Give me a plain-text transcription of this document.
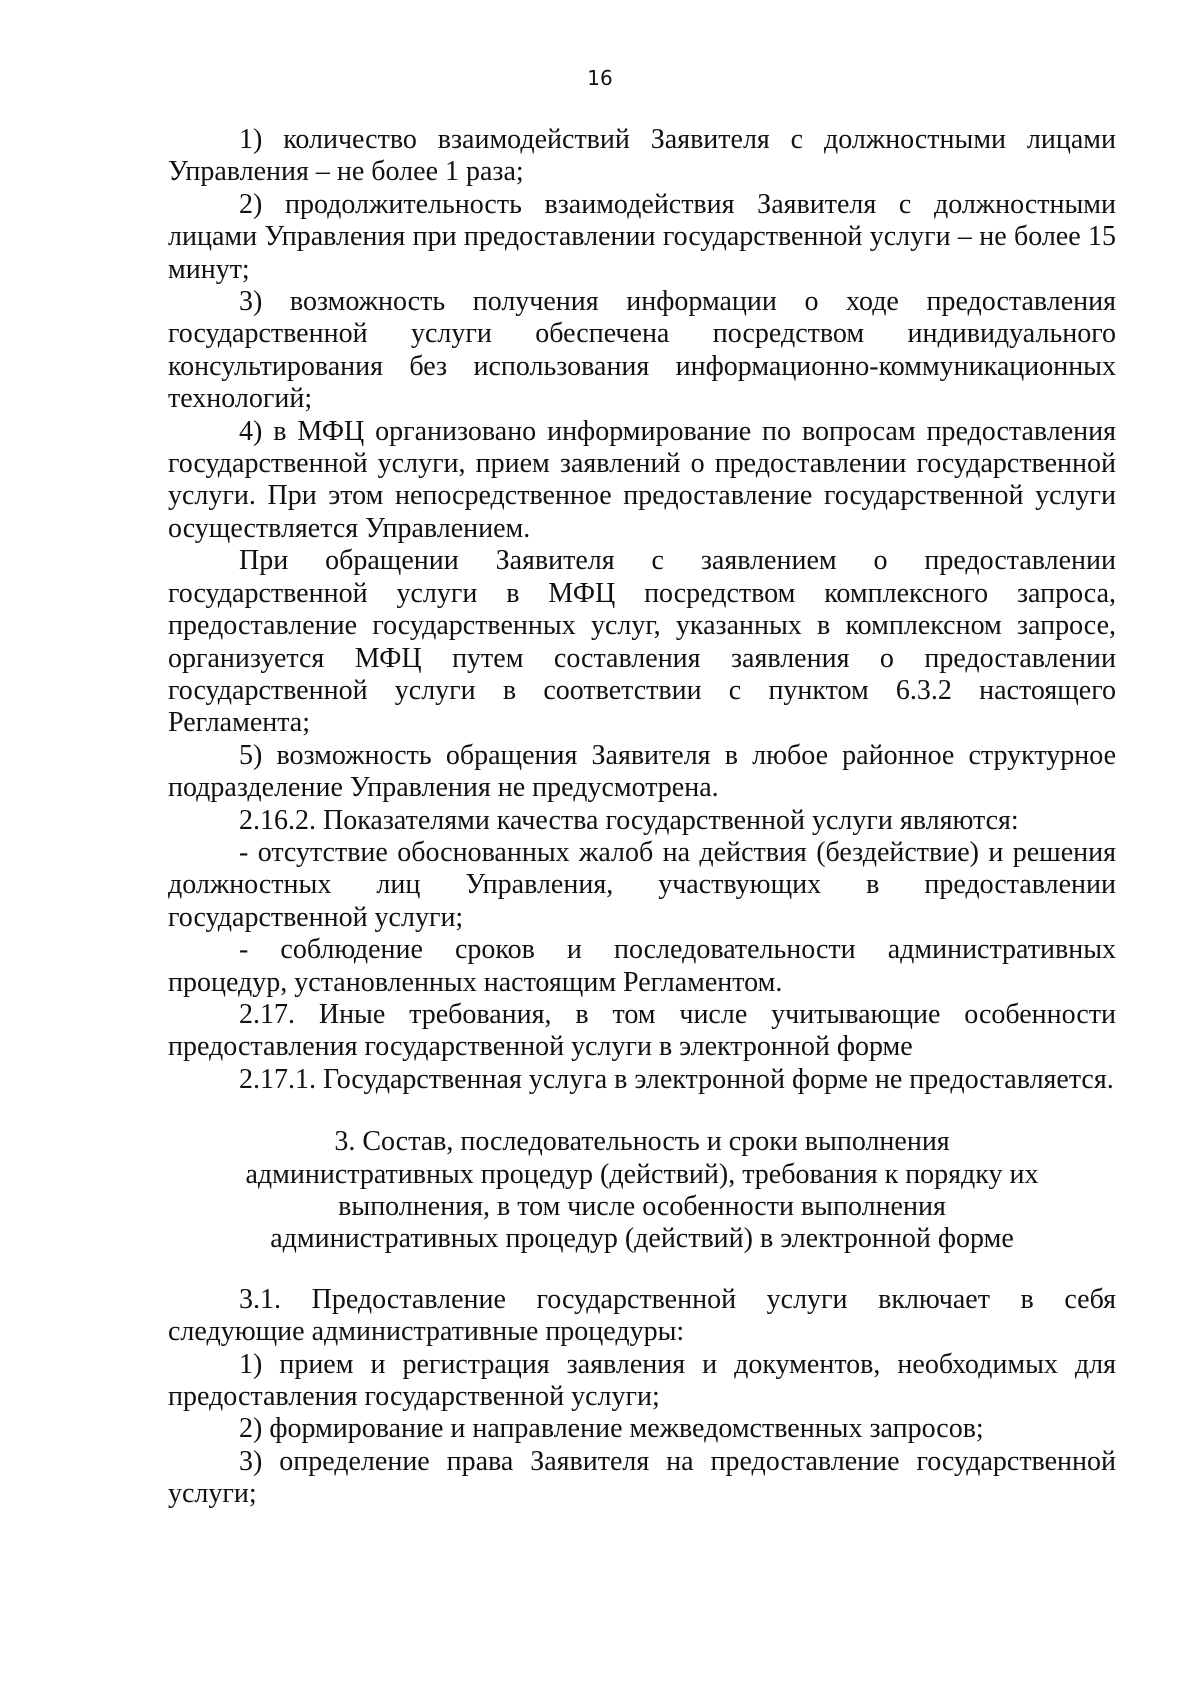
16

1) количество взаимодействий Заявителя с должностными лицами Управления – не более 1 раза;

2) продолжительность взаимодействия Заявителя с должностными лицами Управления при предоставлении государственной услуги – не более 15 минут;

3) возможность получения информации о ходе предоставления государственной услуги обеспечена посредством индивидуального консультирования без использования информационно-коммуникационных технологий;

4) в МФЦ организовано информирование по вопросам предоставления государственной услуги, прием заявлений о предоставлении государственной услуги. При этом непосредственное предоставление государственной услуги осуществляется Управлением.

При обращении Заявителя с заявлением о предоставлении государственной услуги в МФЦ посредством комплексного запроса, предоставление государственных услуг, указанных в комплексном запросе, организуется МФЦ путем составления заявления о предоставлении государственной услуги в соответствии с пунктом 6.3.2 настоящего Регламента;

5) возможность обращения Заявителя в любое районное структурное подразделение Управления не предусмотрена.

2.16.2. Показателями качества государственной услуги являются:

- отсутствие обоснованных жалоб на действия (бездействие) и решения должностных лиц Управления, участвующих в предоставлении государственной услуги;

- соблюдение сроков и последовательности административных процедур, установленных настоящим Регламентом.

2.17. Иные требования, в том числе учитывающие особенности предоставления государственной услуги в электронной форме

2.17.1. Государственная услуга в электронной форме не предоставляется.

3. Состав, последовательность и сроки выполнения административных процедур (действий), требования к порядку их выполнения, в том числе особенности выполнения административных процедур (действий) в электронной форме

3.1. Предоставление государственной услуги включает в себя следующие административные процедуры:

1) прием и регистрация заявления и документов, необходимых для предоставления государственной услуги;

2) формирование и направление межведомственных запросов;

3) определение права Заявителя на предоставление государственной услуги;
